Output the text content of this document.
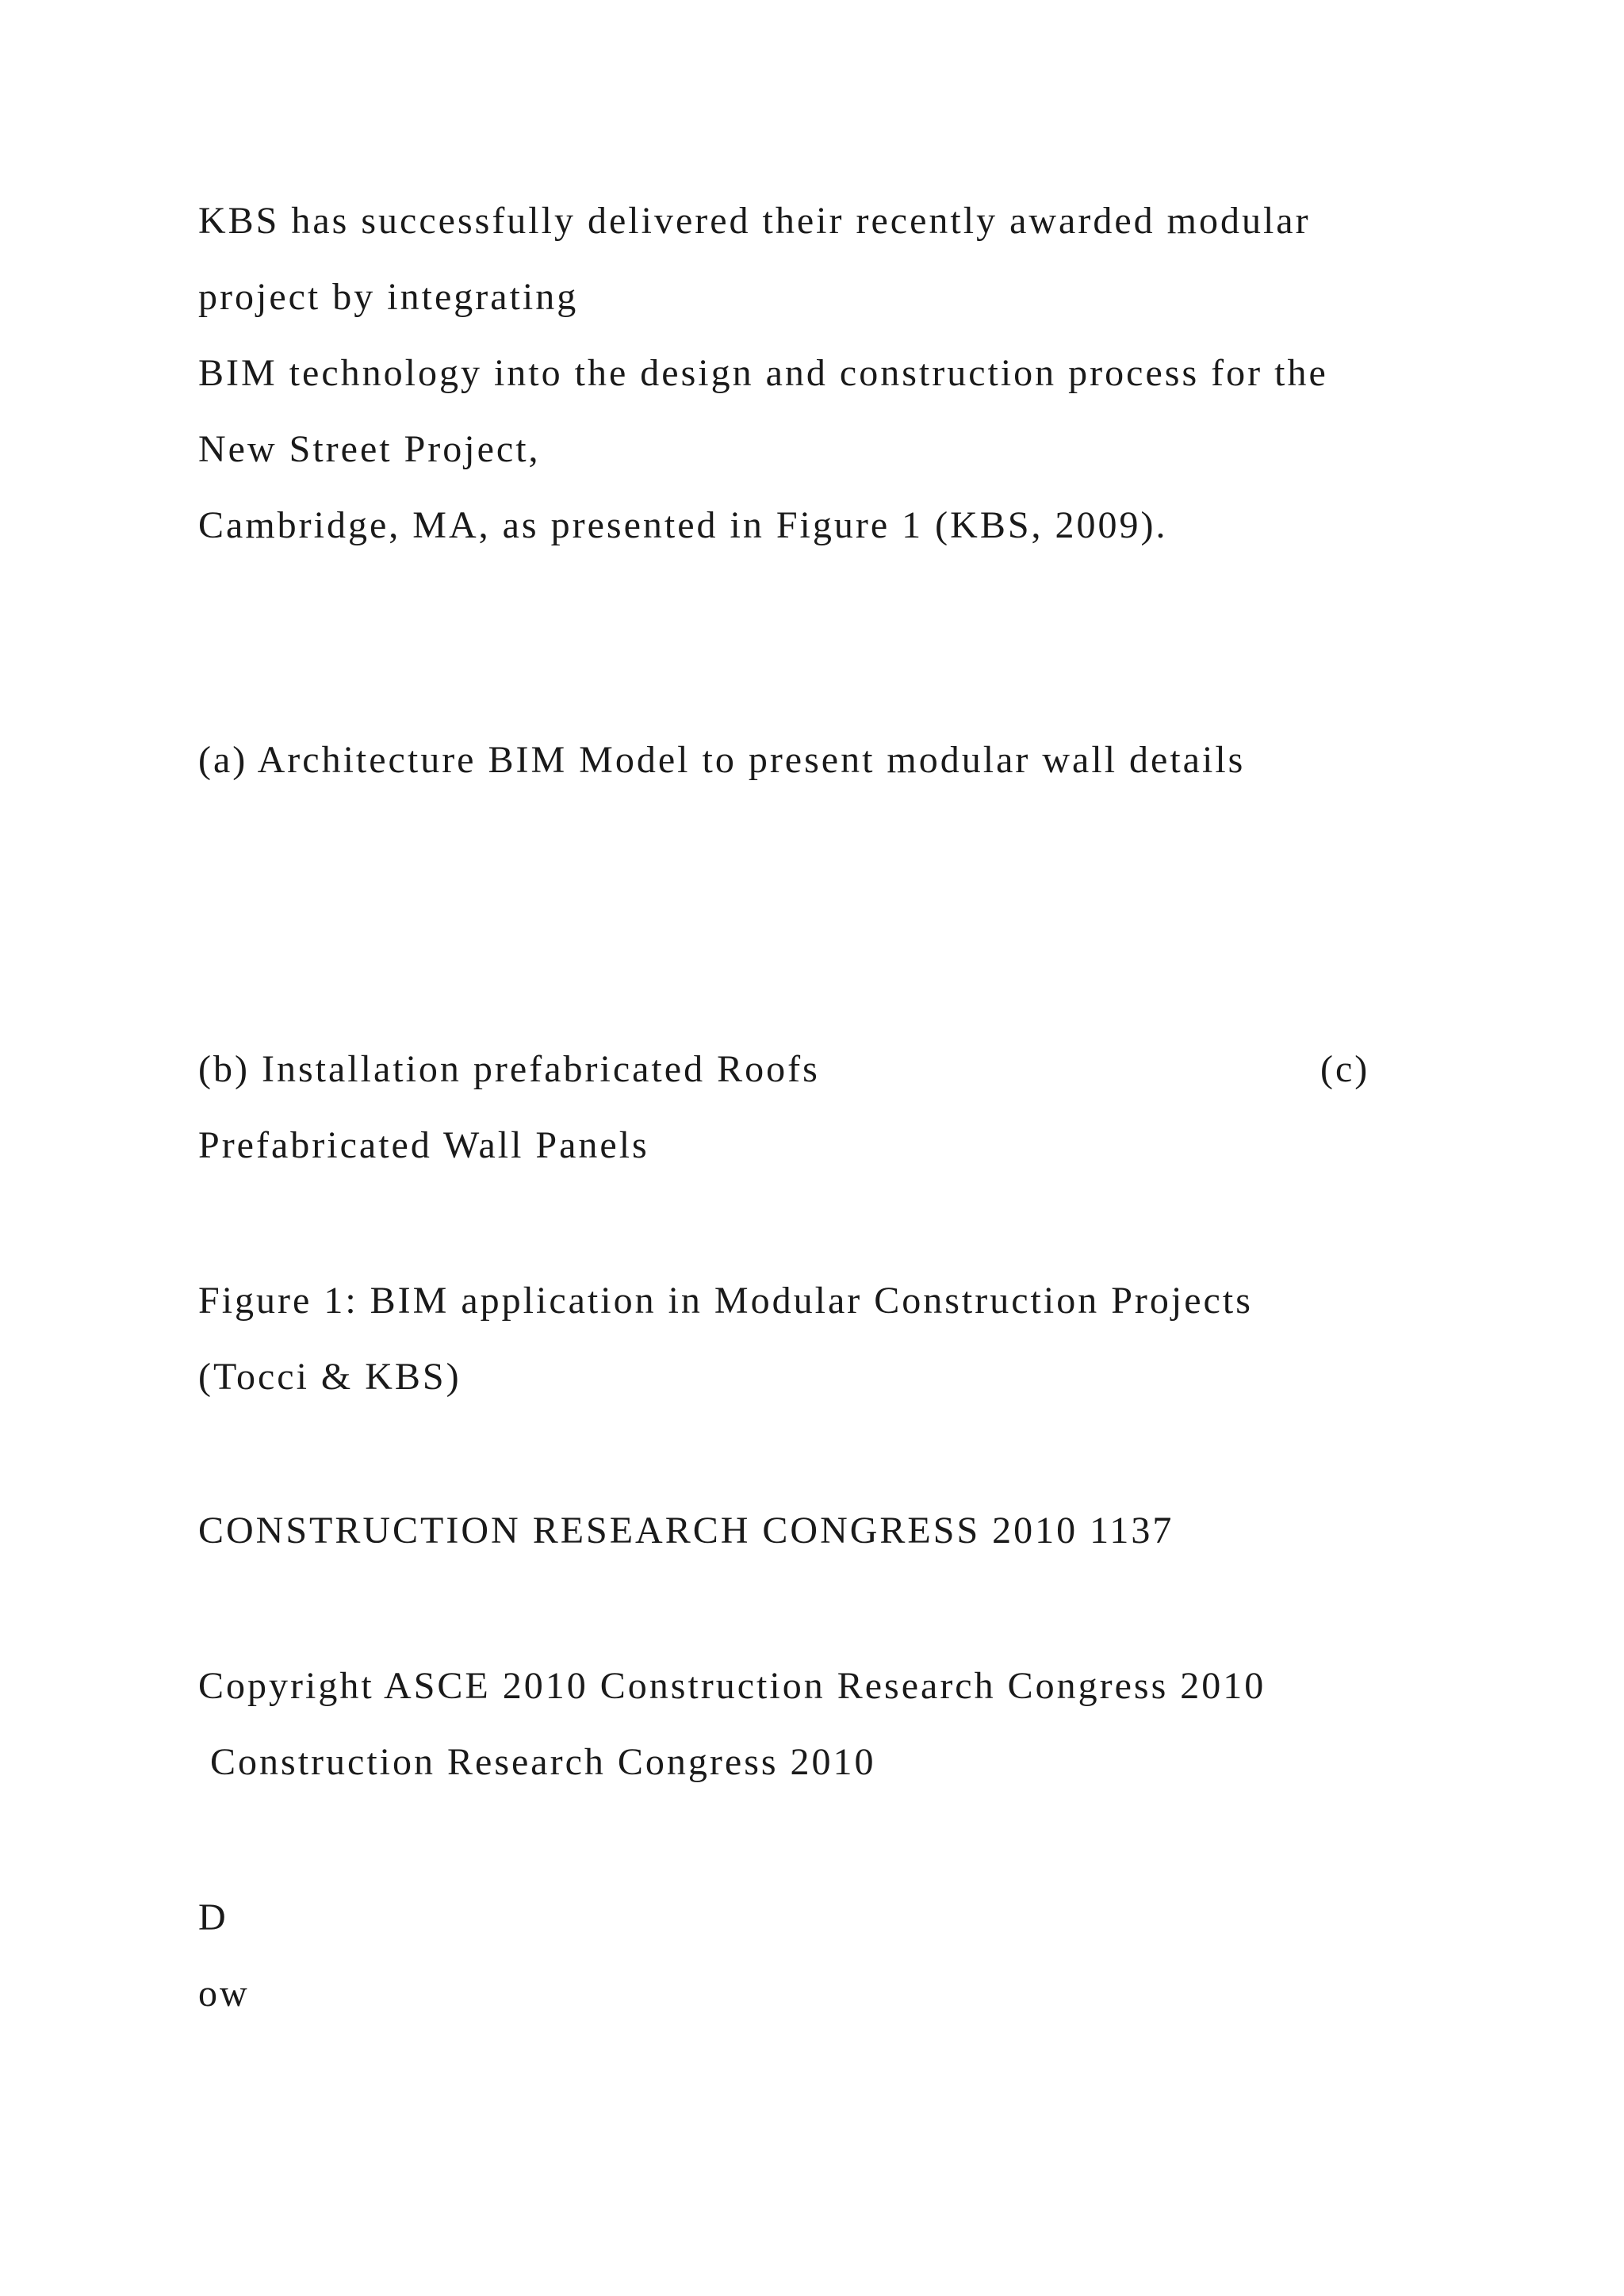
KBS has successfully delivered their recently awarded modular
project by integrating
BIM technology into the design and construction process for the
New Street Project,
Cambridge, MA, as presented in Figure 1 (KBS, 2009).
(a) Architecture BIM Model to present modular wall details
(b) Installation prefabricated Roofs	(c)
Prefabricated Wall Panels
Figure 1: BIM application in Modular Construction Projects
(Tocci & KBS)
CONSTRUCTION RESEARCH CONGRESS 2010 1137
Copyright ASCE 2010 Construction Research Congress 2010
Construction Research Congress 2010
D
ow
